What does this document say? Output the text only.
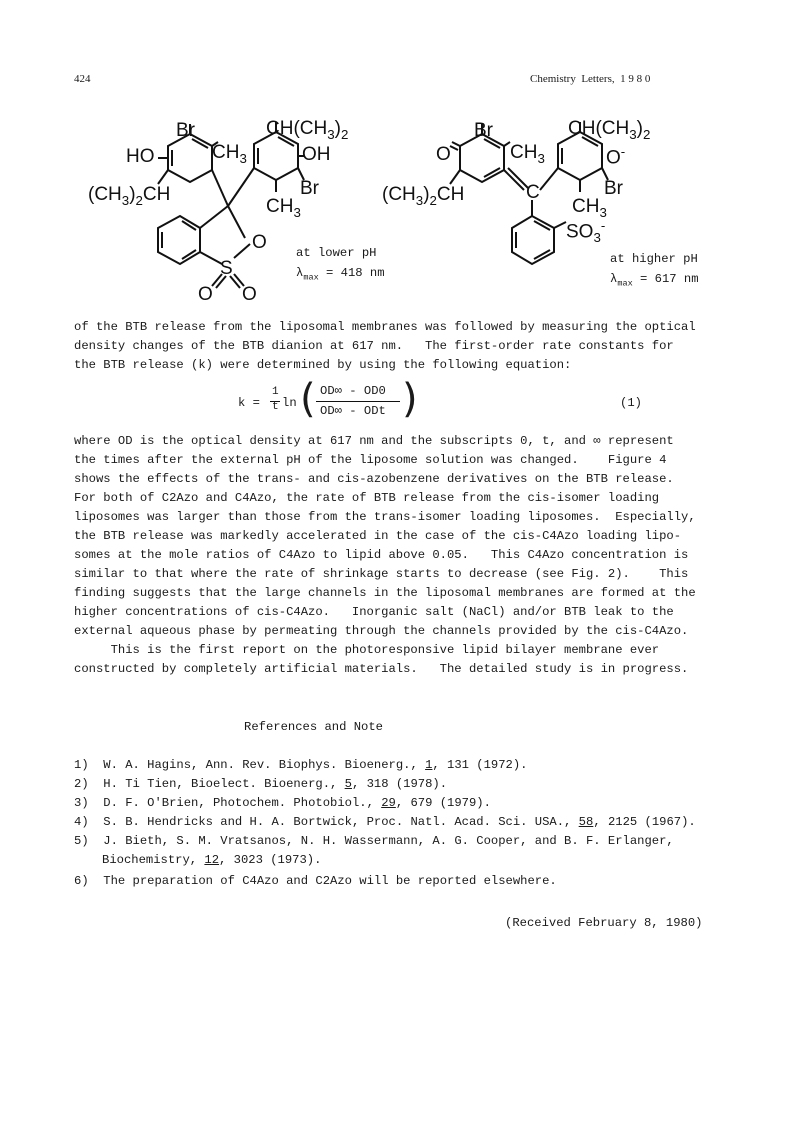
424	Chemistry  Letters, 1 9 8 0
Br	$CH(CH_3)_2$
HO	$CH_3$	OH
$(CH_3)_2CH$	Br
$CH_3$
O
S
O O
at lower pH
$\lambda_{max} = 418$ nm
O
Br
$CH_3$
$CH(CH_3)_2$
O-
$(CH_3)_2CH$	C	Br
$CH_3$
$SO_3^-$
at higher pH
$\lambda_{max} = 617$ nm
of the BTB release from the liposomal membranes was followed by measuring the optical
density changes of the BTB dianion at 617 nm.   The first-order rate constants for
the BTB release (k) were determined by using the following equation:
k =
1
t ln ( OD∞ - OD0
OD∞ - ODt )	(1)
where OD is the optical density at 617 nm and the subscripts 0, t, and ∞ represent
the times after the external pH of the liposome solution was changed.    Figure 4
shows the effects of the trans- and cis-azobenzene derivatives on the BTB release.
For both of C2Azo and C4Azo, the rate of BTB release from the cis-isomer loading
liposomes was larger than those from the trans-isomer loading liposomes.  Especially,
the BTB release was markedly accelerated in the case of the cis-C4Azo loading lipo-
somes at the mole ratios of C4Azo to lipid above 0.05.   This C4Azo concentration is
similar to that where the rate of shrinkage starts to decrease (see Fig. 2).    This
finding suggests that the large channels in the liposomal membranes are formed at the
higher concentrations of cis-C4Azo.   Inorganic salt (NaCl) and/or BTB leak to the
external aqueous phase by permeating through the channels provided by the cis-C4Azo.
This is the first report on the photoresponsive lipid bilayer membrane ever
constructed by completely artificial materials.   The detailed study is in progress.
References and Note
1) W. A. Hagins, Ann. Rev. Biophys. Bioenerg., 1, 131 (1972).
2) H. Ti Tien, Bioelect. Bioenerg., 5, 318 (1978).
3) D. F. O'Brien, Photochem. Photobiol., 29, 679 (1979).
4) S. B. Hendricks and H. A. Bortwick, Proc. Natl. Acad. Sci. USA., 58, 2125 (1967).
5) J. Bieth, S. M. Vratsanos, N. H. Wassermann, A. G. Cooper, and B. F. Erlanger,
Biochemistry, 12, 3023 (1973).
6) The preparation of C4Azo and C2Azo will be reported elsewhere.
(Received February 8, 1980)
